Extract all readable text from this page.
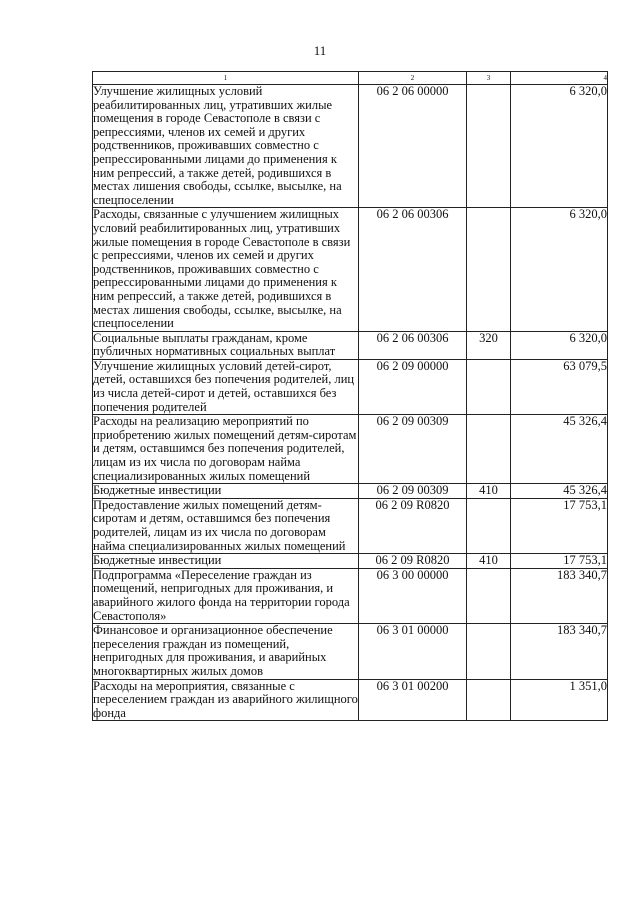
11
1	2	3	4
Улучшение жилищных условий реабилитированных лиц, утративших жилые помещения в городе Севастополе в связи с репрессиями, членов их семей и других родственников, проживавших совместно с репрессированными лицами до применения к ним репрессий, а также детей, родившихся в местах лишения свободы, ссылке, высылке, на спецпоселении	06 2 06 00000		6 320,0
Расходы, связанные с улучшением жилищных условий реабилитированных лиц, утративших жилые помещения в городе Севастополе в связи с репрессиями, членов их семей и других родственников, проживавших совместно с репрессированными лицами до применения к ним репрессий, а также детей, родившихся в местах лишения свободы, ссылке, высылке, на спецпоселении	06 2 06 00306		6 320,0
Социальные выплаты гражданам, кроме публичных нормативных социальных выплат	06 2 06 00306	320	6 320,0
Улучшение жилищных условий детей-сирот, детей, оставшихся без попечения родителей, лиц из числа детей-сирот и детей, оставшихся без попечения родителей	06 2 09 00000		63 079,5
Расходы на реализацию мероприятий по приобретению жилых помещений детям-сиротам и детям, оставшимся без попечения родителей, лицам из их числа по договорам найма специализированных жилых помещений	06 2 09 00309		45 326,4
Бюджетные инвестиции	06 2 09 00309	410	45 326,4
Предоставление жилых помещений детям-сиротам и детям, оставшимся без попечения родителей, лицам из их числа по договорам найма специализированных жилых помещений	06 2 09 R0820		17 753,1
Бюджетные инвестиции	06 2 09 R0820	410	17 753,1
Подпрограмма «Переселение граждан из помещений, непригодных для проживания, и аварийного жилого фонда на территории города Севастополя»	06 3 00 00000		183 340,7
Финансовое и организационное обеспечение переселения граждан из помещений, непригодных для проживания, и аварийных многоквартирных жилых домов	06 3 01 00000		183 340,7
Расходы на мероприятия, связанные с переселением граждан из аварийного жилищного фонда	06 3 01 00200		1 351,0
